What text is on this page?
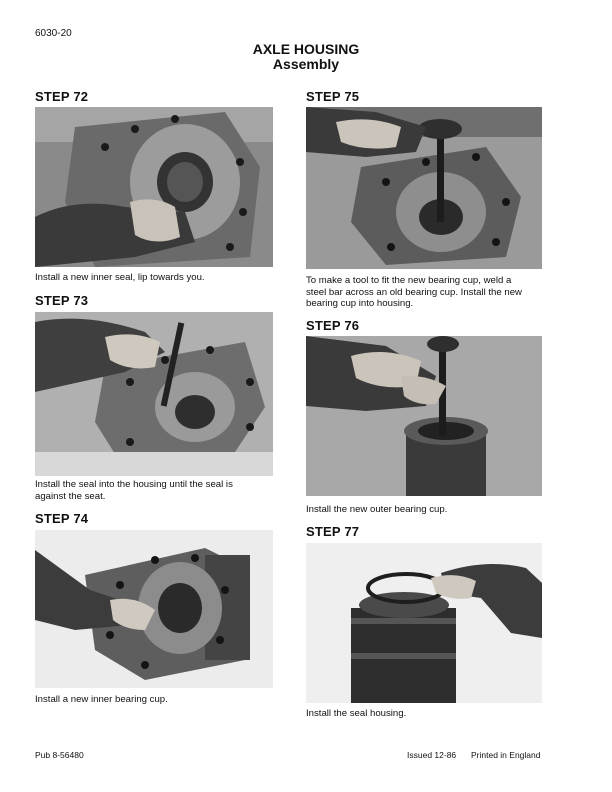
6030-20
AXLE HOUSING
Assembly
STEP 72
Install a new inner seal, lip towards you.
STEP 73
Install the seal into the housing until the seal is
against the seat.
STEP 74
Install a new inner bearing cup.
STEP 75
To make a tool to fit the new bearing cup, weld a
steel bar across an old bearing cup. Install the new
bearing cup into housing.
STEP 76
Install the new outer bearing cup.
STEP 77
Install the seal housing.
Pub 8-56480	Issued 12-86 Printed in England
